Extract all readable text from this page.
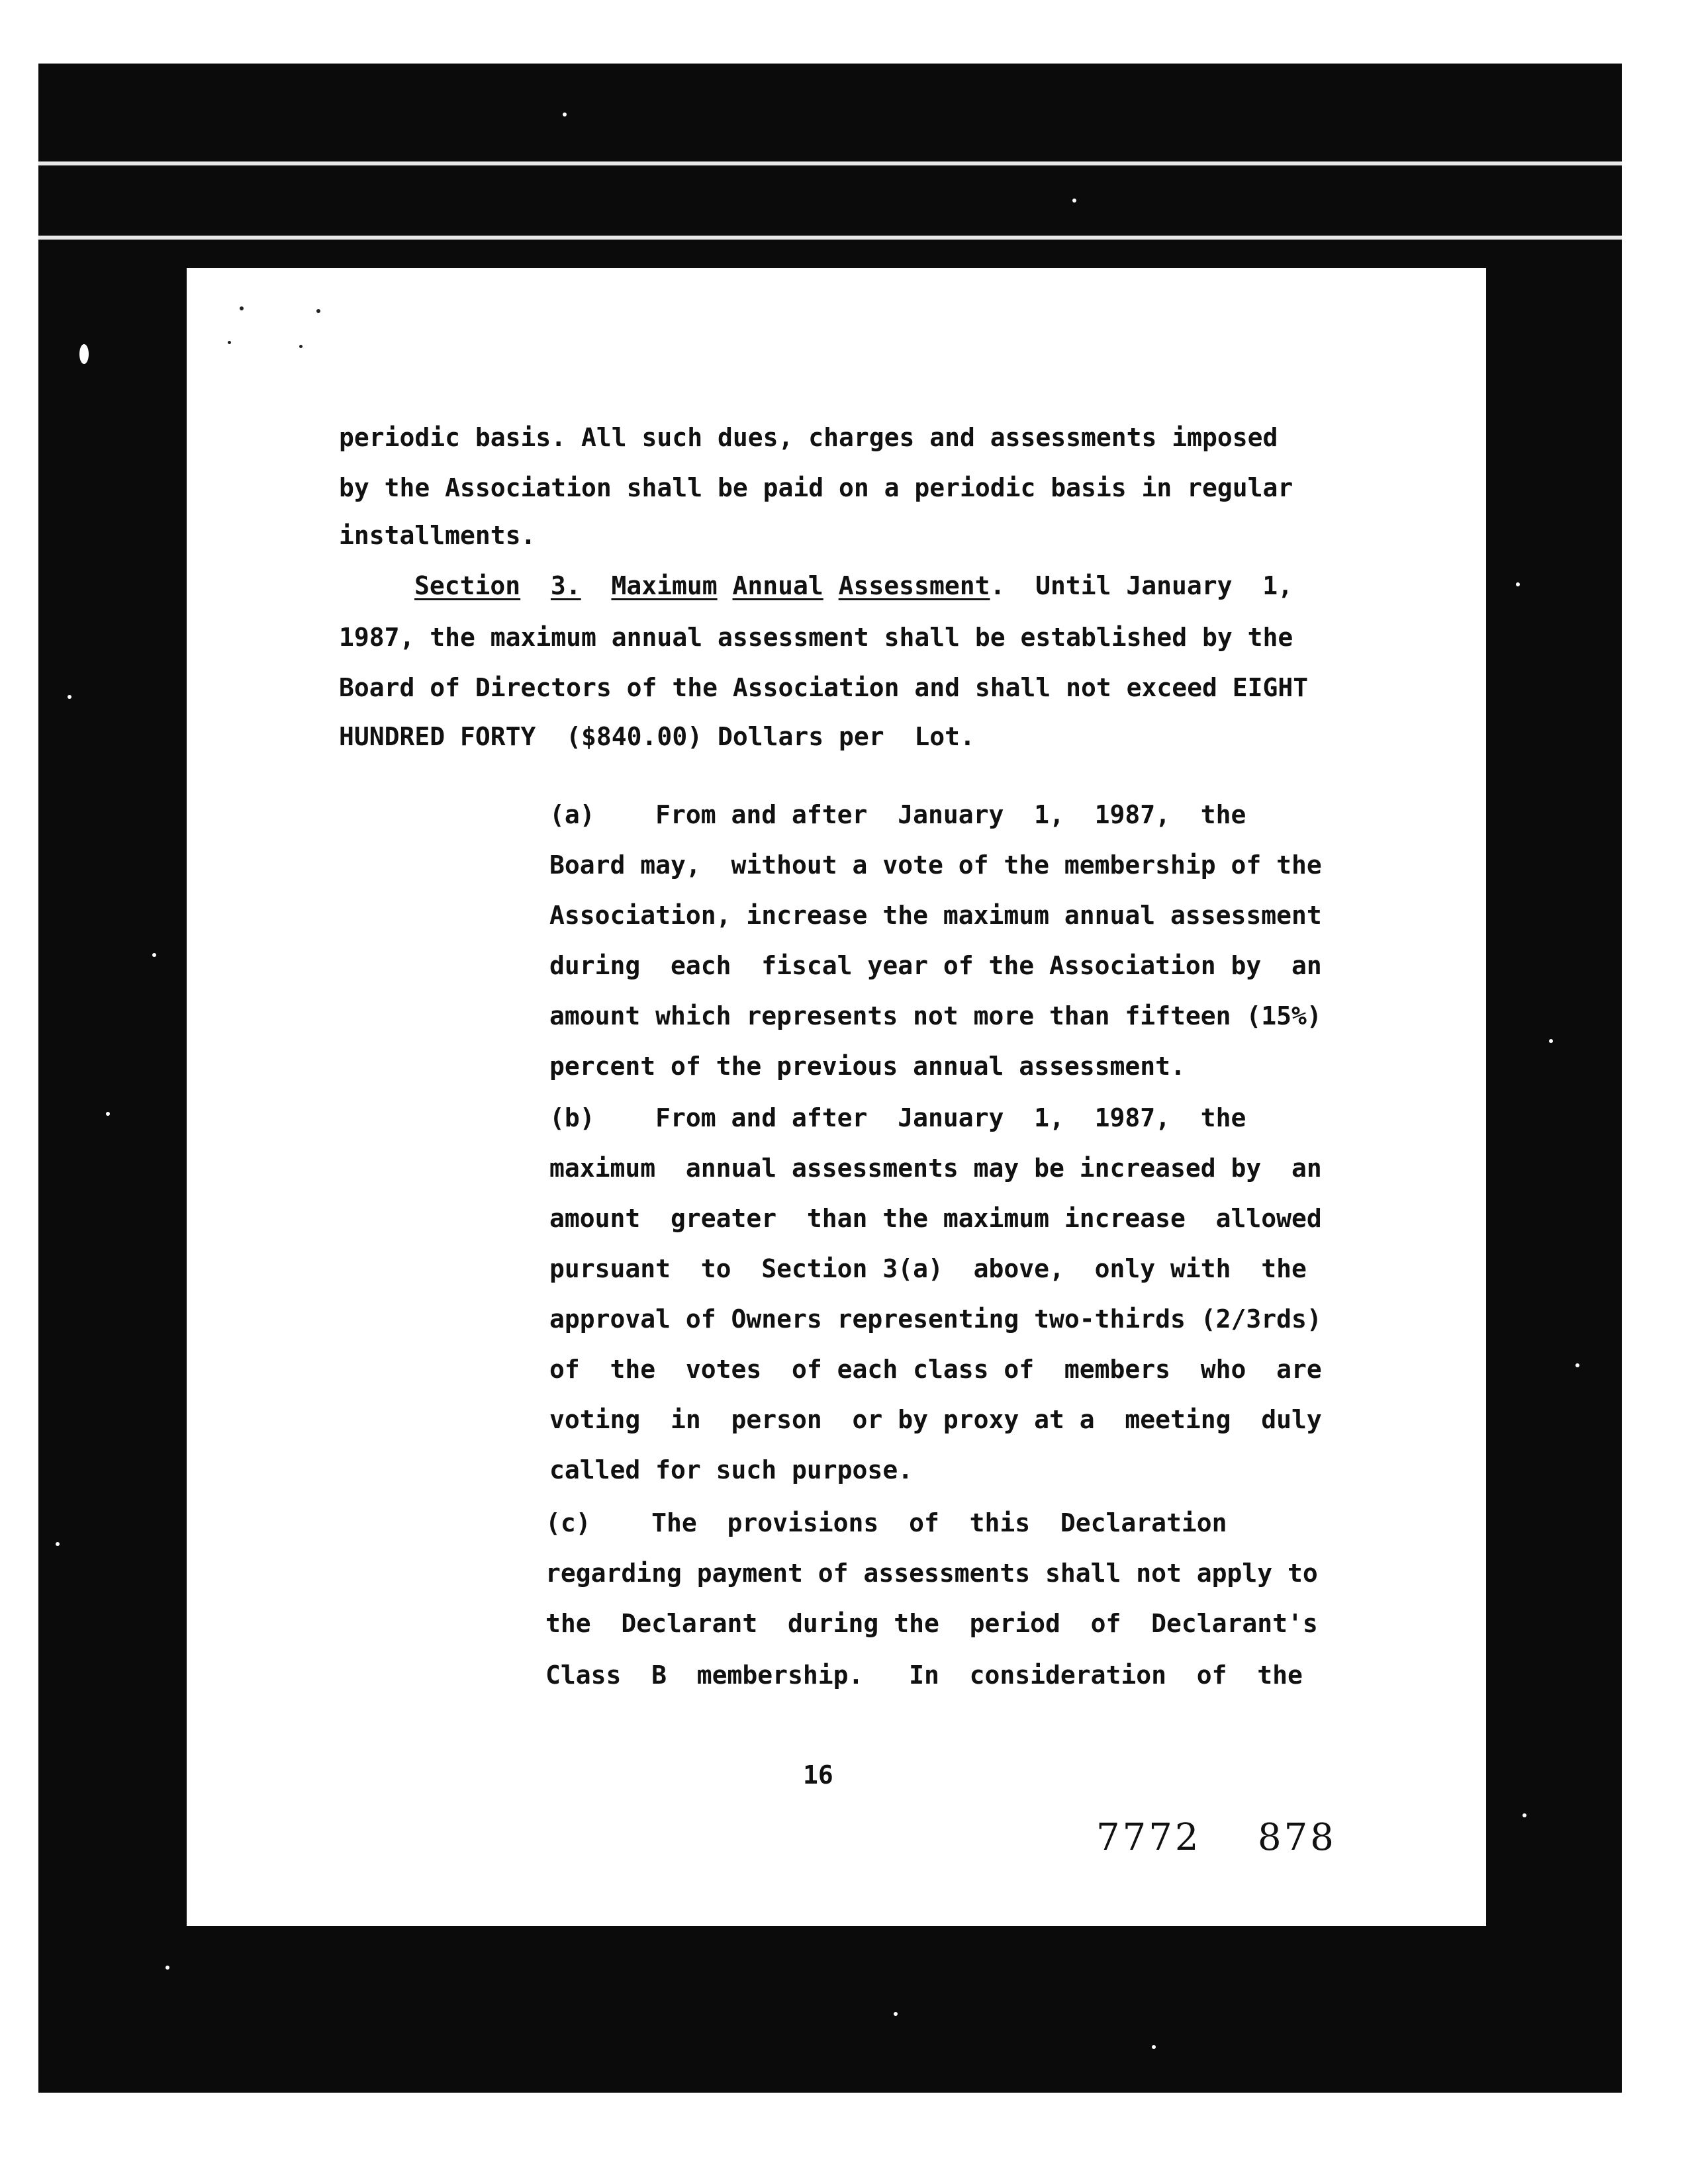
periodic basis. All such dues, charges and assessments imposed
by the Association shall be paid on a periodic basis in regular
installments.
Section 3. Maximum Annual Assessment. Until January  1,
1987, the maximum annual assessment shall be established by the
Board of Directors of the Association and shall not exceed EIGHT
HUNDRED FORTY  ($840.00) Dollars per  Lot.
(a)    From and after  January  1,  1987,  the
Board may,  without a vote of the membership of the
Association, increase the maximum annual assessment
during  each  fiscal year of the Association by  an
amount which represents not more than fifteen (15%)
percent of the previous annual assessment.
(b)    From and after  January  1,  1987,  the
maximum  annual assessments may be increased by  an
amount  greater  than the maximum increase  allowed
pursuant  to  Section 3(a)  above,  only with  the
approval of Owners representing two-thirds (2/3rds)
of  the  votes  of each class of  members  who  are
voting  in  person  or by proxy at a  meeting  duly
called for such purpose.
(c)    The  provisions  of  this  Declaration
regarding payment of assessments shall not apply to
the  Declarant  during the  period  of  Declarant's
Class  B  membership.   In  consideration  of  the
16
7772 878
